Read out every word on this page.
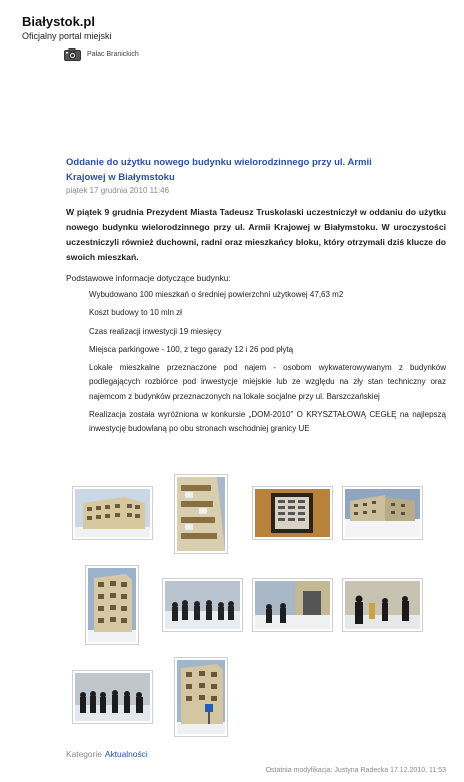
Białystok.pl
Oficjalny portal miejski
Pałac Branickich
Oddanie do użytku nowego budynku wielorodzinnego przy ul. Armii Krajowej w Białymstoku
piątek 17 grudnia 2010 11:46
W piątek 9 grudnia Prezydent Miasta Tadeusz Truskolaski uczestniczył w oddaniu do użytku nowego budynku wielorodzinnego przy ul. Armii Krajowej w Białymstoku. W uroczystości uczestniczyli również duchowni, radni oraz mieszkańcy bloku, który otrzymali dziś klucze do swoich mieszkań.
Podstawowe informacje dotyczące budynku:

Wybudowano 100 mieszkań o średniej powierzchni użytkowej 47,63 m2

Koszt budowy to 10 mln zł

Czas realizacji inwestycji 19 miesięcy

Miejsca parkingowe - 100, z tego garaży 12 i 26 pod płytą

Lokale mieszkalne przeznaczone pod najem - osobom wykwaterowywanym z budynków podlegających rozbiórce pod inwestycje miejskie lub ze względu na zły stan techniczny oraz najemcom z budynków przeznaczonych na lokale socjalne przy ul. Barszczańskiej

Realizacja została wyróżniona w konkursie „DOM-2010" O KRYSZTAŁOWĄ CEGŁĘ na najlepszą inwestycję budowlaną po obu stronach wschodniej granicy UE

Kategorie Aktualności
Ostatnia modyfikacja: Justyna Radecka 17.12.2010, 11:53
